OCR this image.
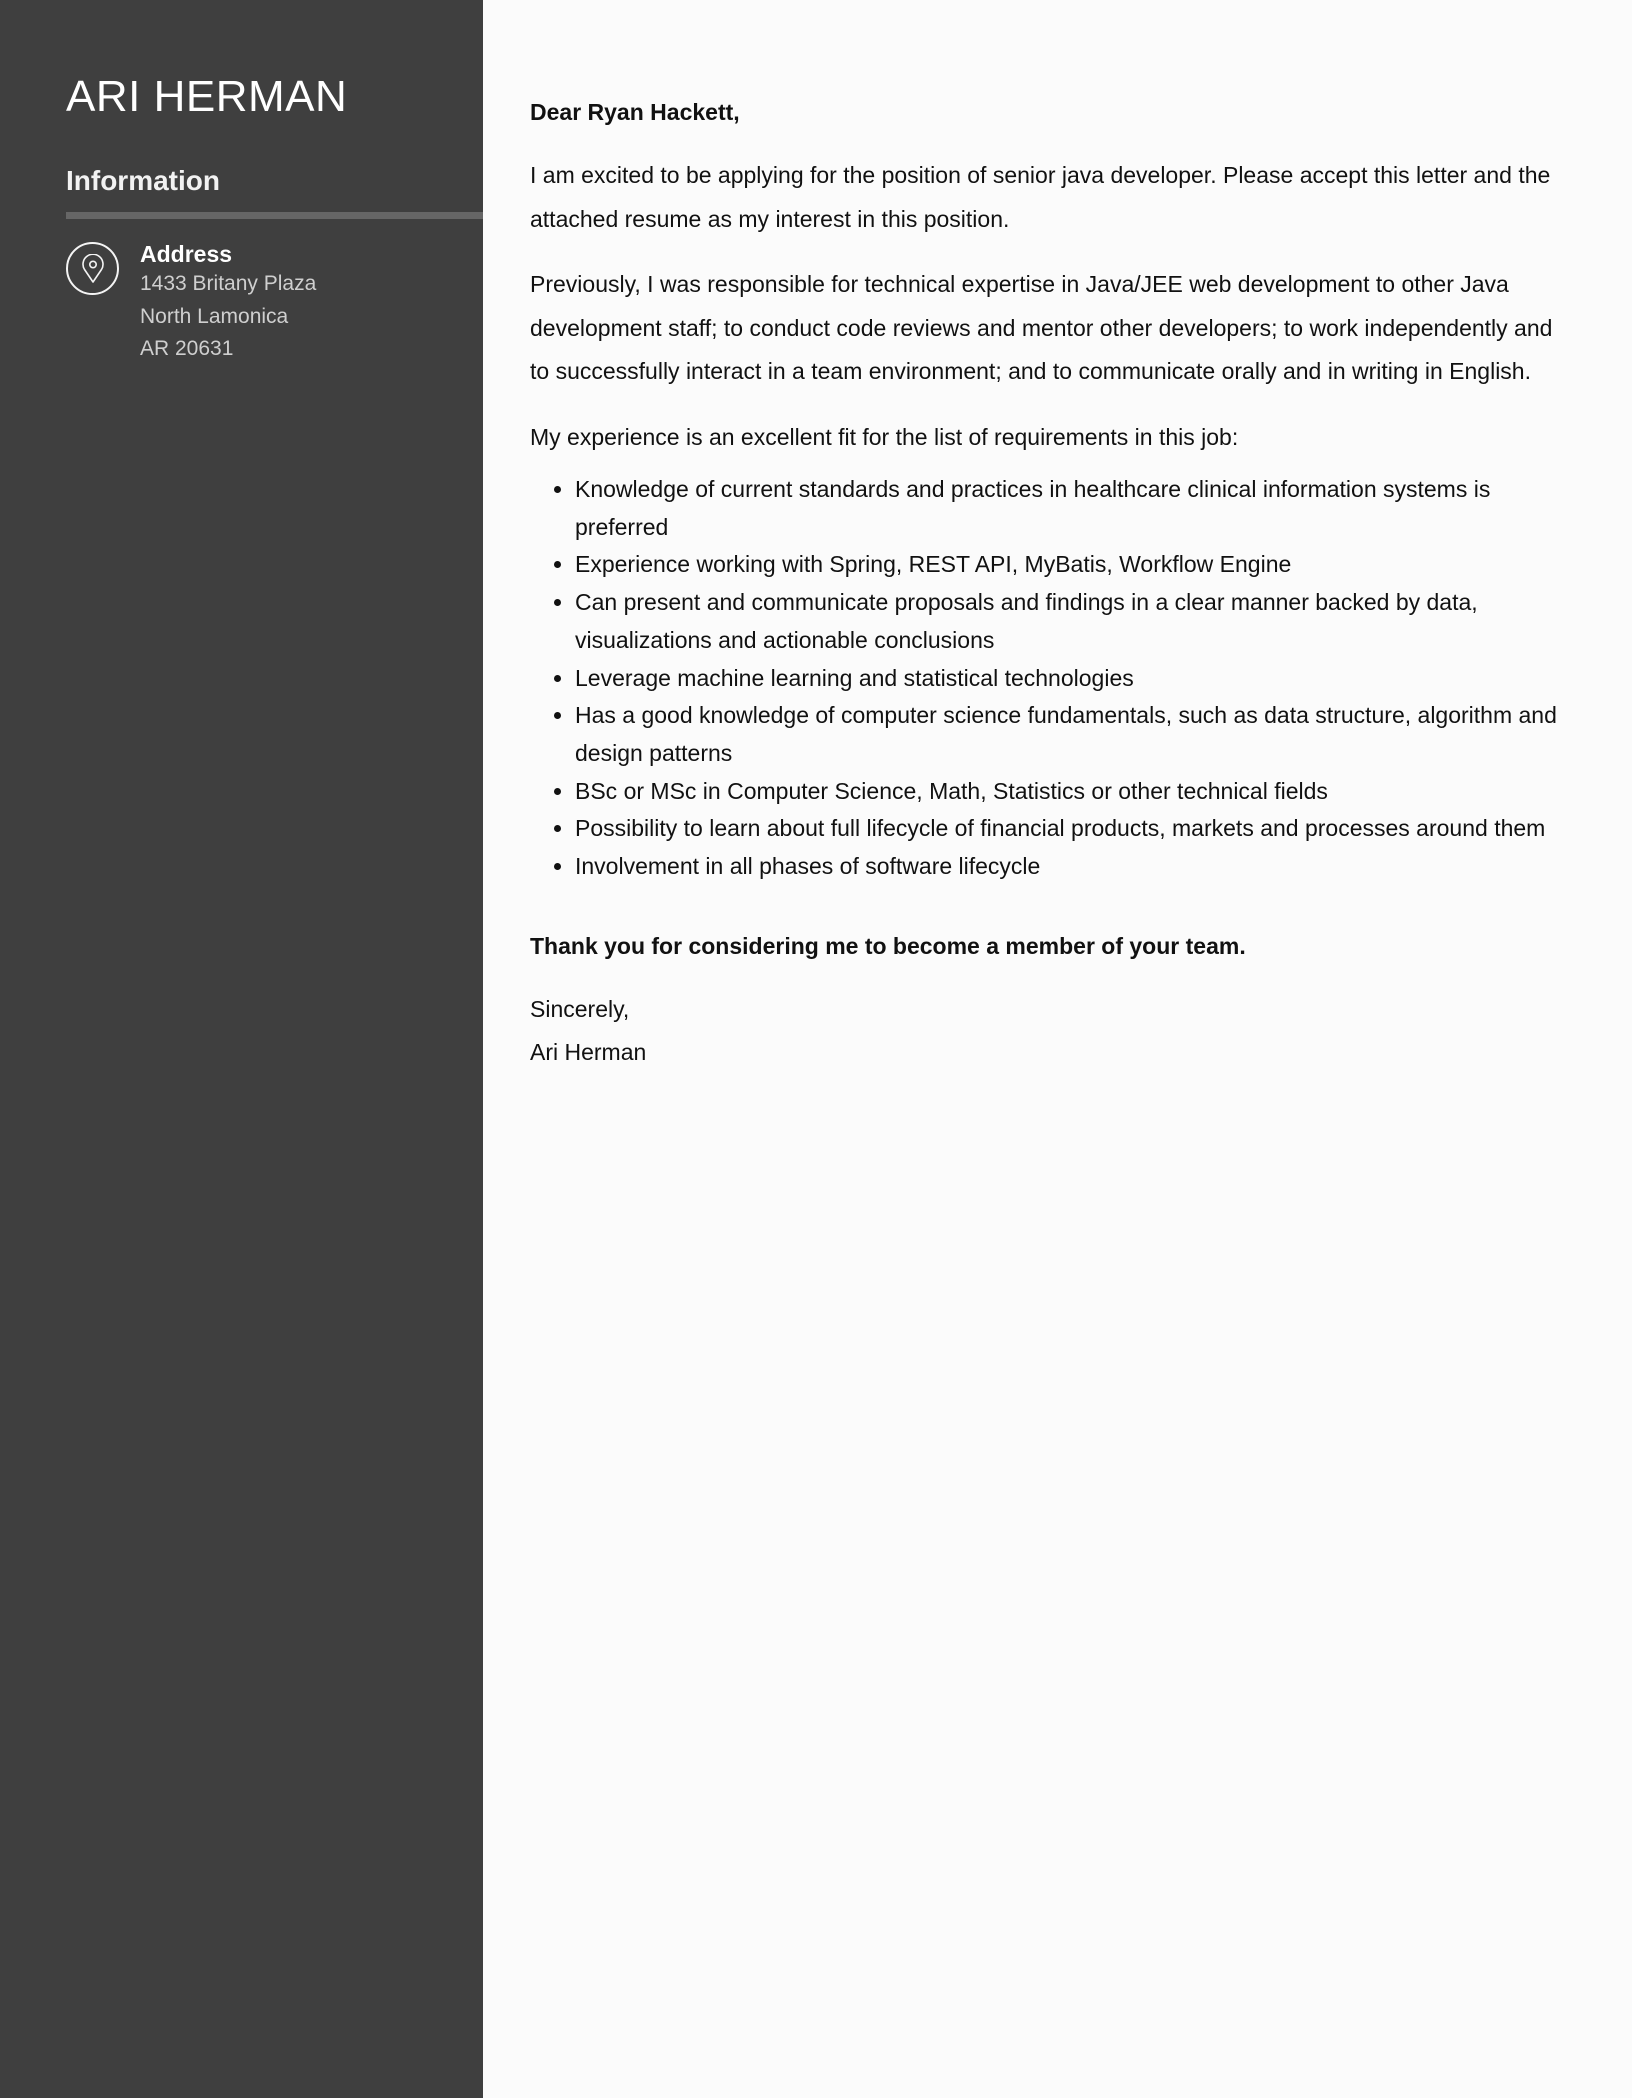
ARI HERMAN
Information
Address
1433 Britany Plaza
North Lamonica
AR 20631

Dear Ryan Hackett,

I am excited to be applying for the position of senior java developer. Please accept this letter and the attached resume as my interest in this position.

Previously, I was responsible for technical expertise in Java/JEE web development to other Java development staff; to conduct code reviews and mentor other developers; to work independently and to successfully interact in a team environment; and to communicate orally and in writing in English.

My experience is an excellent fit for the list of requirements in this job:

• Knowledge of current standards and practices in healthcare clinical information systems is preferred
• Experience working with Spring, REST API, MyBatis, Workflow Engine
• Can present and communicate proposals and findings in a clear manner backed by data, visualizations and actionable conclusions
• Leverage machine learning and statistical technologies
• Has a good knowledge of computer science fundamentals, such as data structure, algorithm and design patterns
• BSc or MSc in Computer Science, Math, Statistics or other technical fields
• Possibility to learn about full lifecycle of financial products, markets and processes around them
• Involvement in all phases of software lifecycle

Thank you for considering me to become a member of your team.

Sincerely,
Ari Herman
